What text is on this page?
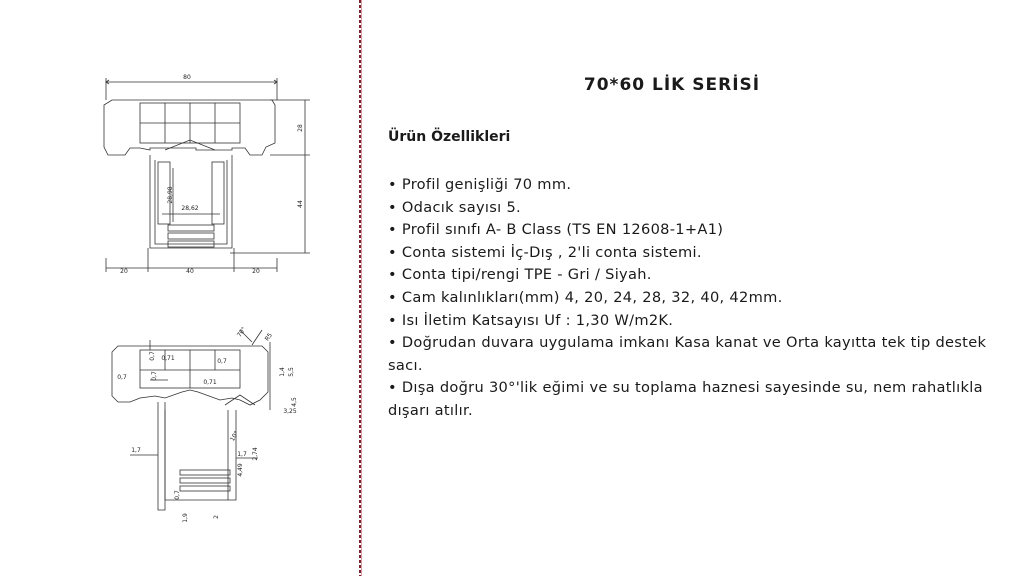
80
28
44
28,98
28,62
20	40	20
0,7 0,71	0,7
0,7
0,71
0,7
70°	R5
1,4 5,5
4,5
3,25
10°
1,7
1,7 2,74
4,49
0,7
1,9	2
70*60 LİK SERİSİ
Ürün Özellikleri
• Profil genişliği 70 mm.
• Odacık sayısı 5.
• Profil sınıfı A- B Class (TS EN 12608-1+A1)
• Conta sistemi İç-Dış , 2'li conta sistemi.
• Conta tipi/rengi TPE - Gri / Siyah.
• Cam kalınlıkları(mm) 4, 20, 24, 28, 32, 40, 42mm.
• Isı İletim Katsayısı Uf : 1,30 W/m2K.
• Doğrudan duvara uygulama imkanı Kasa kanat ve Orta kayıtta tek tip destek sacı.
• Dışa doğru 30°'lik eğimi ve su toplama haznesi sayesinde su, nem rahatlıkla dışarı atılır.
